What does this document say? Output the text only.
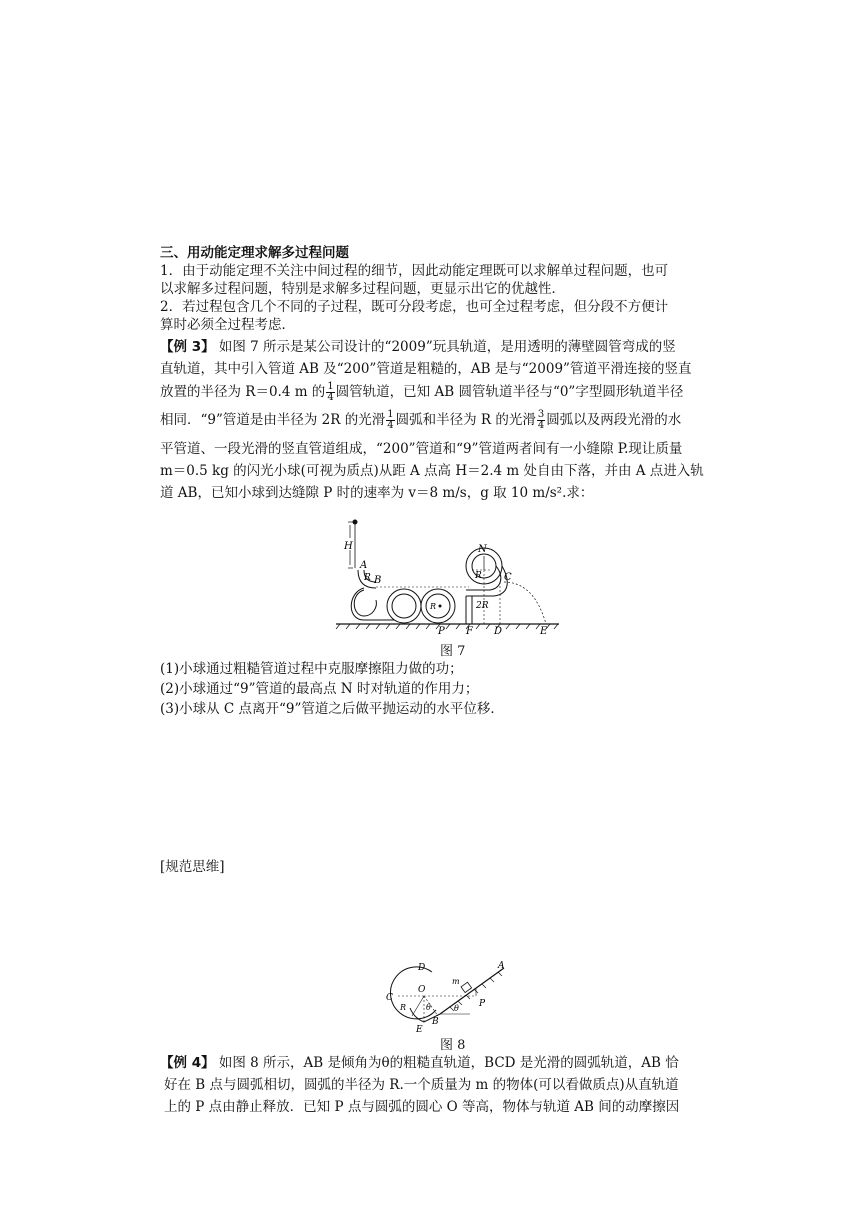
三、用动能定理求解多过程问题
1．由于动能定理不关注中间过程的细节，因此动能定理既可以求解单过程问题，也可
以求解多过程问题，特别是求解多过程问题，更显示出它的优越性．
2．若过程包含几个不同的子过程，既可分段考虑，也可全过程考虑，但分段不方便计
算时必须全过程考虑．
【例 3】 如图 7 所示是某公司设计的“2009”玩具轨道，是用透明的薄壁圆管弯成的竖
直轨道，其中引入管道 AB 及“200”管道是粗糙的，AB 是与“2009”管道平滑连接的竖直
放置的半径为 R＝0.4 m 的 $\frac{1}{4}$ 圆管轨道，已知 AB 圆管轨道半径与“0”字型圆形轨道半径
相同．“9”管道是由半径为 2R 的光滑 $\frac{1}{4}$ 圆弧和半径为 R 的光滑 $\frac{3}{4}$ 圆弧以及两段光滑的水
平管道、一段光滑的竖直管道组成，“200”管道和“9”管道两者间有一小缝隙 P.现让质量
m＝0.5 kg 的闪光小球(可视为质点)从距 A 点高 H＝2.4 m 处自由下落，并由 A 点进入轨
道 AB，已知小球到达缝隙 P 时的速率为 v＝8 m/s，g 取 10 m/s².求：
H
A
R B
N
R C
R	2R
P F D	E
图 7
(1)小球通过粗糙管道过程中克服摩擦阻力做的功；
(2)小球通过“9”管道的最高点 N 时对轨道的作用力；
(3)小球从 C 点离开“9”管道之后做平抛运动的水平位移．
[规范思维]
D
C
O
R θ	θ
m
A
P
B
E
图 8
【例 4】 如图 8 所示，AB 是倾角为θ的粗糙直轨道，BCD 是光滑的圆弧轨道，AB 恰
好在 B 点与圆弧相切，圆弧的半径为 R.一个质量为 m 的物体(可以看做质点)从直轨道
上的 P 点由静止释放．已知 P 点与圆弧的圆心 O 等高，物体与轨道 AB 间的动摩擦因
